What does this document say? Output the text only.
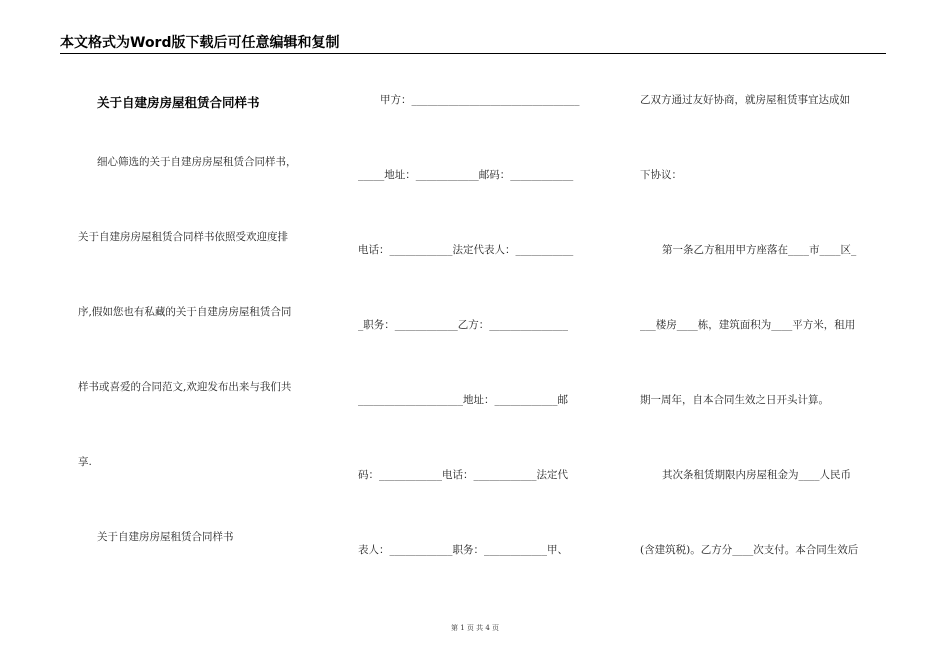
本文格式为Word版下载后可任意编辑和复制
关于自建房房屋租赁合同样书
细心筛选的关于自建房房屋租赁合同样书，
关于自建房房屋租赁合同样书依照受欢迎度排
序,假如您也有私藏的关于自建房房屋租赁合同
样书或喜爱的合同范文,欢迎发布出来与我们共
享.
关于自建房房屋租赁合同样书
甲方：________________________________
_____地址：____________邮码：____________
电话：____________法定代表人：___________
_职务：____________乙方：_______________
____________________地址：____________邮
码：____________电话：____________法定代
表人：____________职务：____________甲、
乙双方通过友好协商，就房屋租赁事宜达成如
下协议：
第一条乙方租用甲方座落在____市____区_
___楼房____栋，建筑面积为____平方米，租用
期一周年，自本合同生效之日开头计算。
其次条租赁期限内房屋租金为____人民币
(含建筑税)。乙方分____次支付。本合同生效后
第 1 页 共 4 页
